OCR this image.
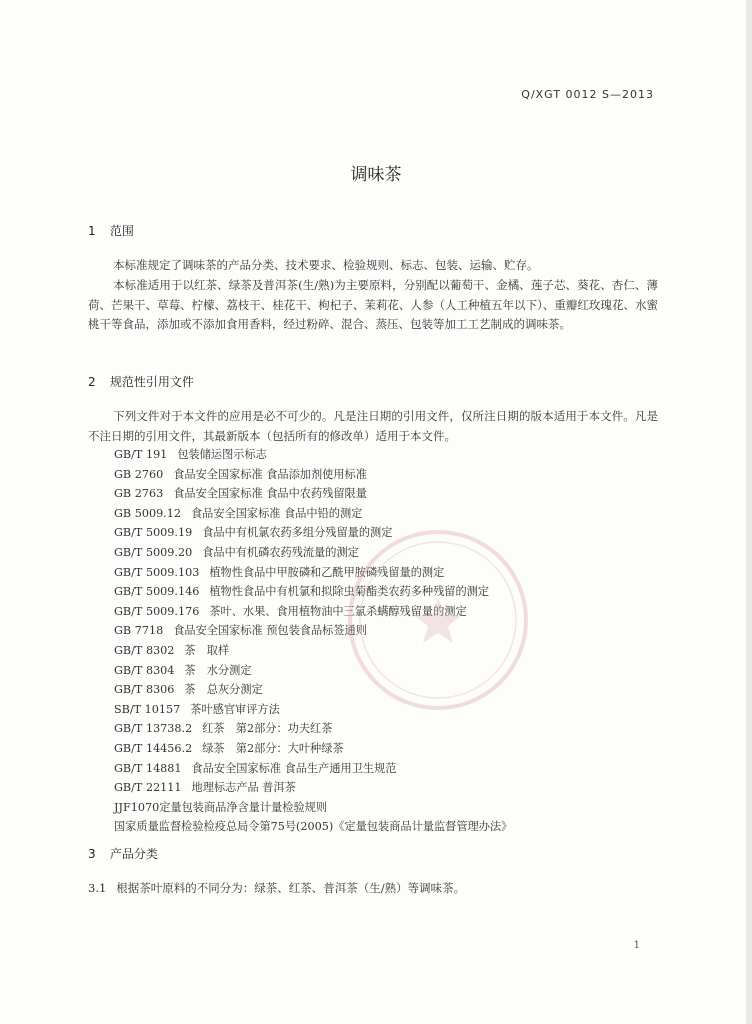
Q/XGT 0012 S—2013
调味茶
1 范围
本标准规定了调味茶的产品分类、技术要求、检验规则、标志、包装、运输、贮存。
本标准适用于以红茶、绿茶及普洱茶(生/熟)为主要原料，分别配以葡萄干、金橘、莲子芯、葵花、杏仁、薄荷、芒果干、草莓、柠檬、荔枝干、桂花干、枸杞子、茉莉花、人参（人工种植五年以下）、重瓣红玫瑰花、水蜜桃干等食品，添加或不添加食用香料，经过粉碎、混合、蒸压、包装等加工工艺制成的调味茶。
2 规范性引用文件
下列文件对于本文件的应用是必不可少的。凡是注日期的引用文件，仅所注日期的版本适用于本文件。凡是不注日期的引用文件，其最新版本（包括所有的修改单）适用于本文件。
GB/T 191 包装储运图示标志
GB 2760 食品安全国家标准 食品添加剂使用标准
GB 2763 食品安全国家标准 食品中农药残留限量
GB 5009.12 食品安全国家标准 食品中铅的测定
GB/T 5009.19 食品中有机氯农药多组分残留量的测定
GB/T 5009.20 食品中有机磷农药残流量的测定
GB/T 5009.103 植物性食品中甲胺磷和乙酰甲胺磷残留量的测定
GB/T 5009.146 植物性食品中有机氯和拟除虫菊酯类农药多种残留的测定
GB/T 5009.176 茶叶、水果、食用植物油中三氯杀螨醇残留量的测定
GB 7718 食品安全国家标准 预包装食品标签通则
GB/T 8302 茶　取样
GB/T 8304 茶　水分测定
GB/T 8306 茶　总灰分测定
SB/T 10157 茶叶感官审评方法
GB/T 13738.2 红茶　第2部分：功夫红茶
GB/T 14456.2 绿茶　第2部分：大叶种绿茶
GB/T 14881 食品安全国家标准 食品生产通用卫生规范
GB/T 22111 地理标志产品 普洱茶
JJF1070定量包装商品净含量计量检验规则
国家质量监督检验检疫总局令第75号(2005)《定量包装商品计量监督管理办法》
3 产品分类
3.1 根据茶叶原料的不同分为：绿茶、红茶、普洱茶（生/熟）等调味茶。
1
